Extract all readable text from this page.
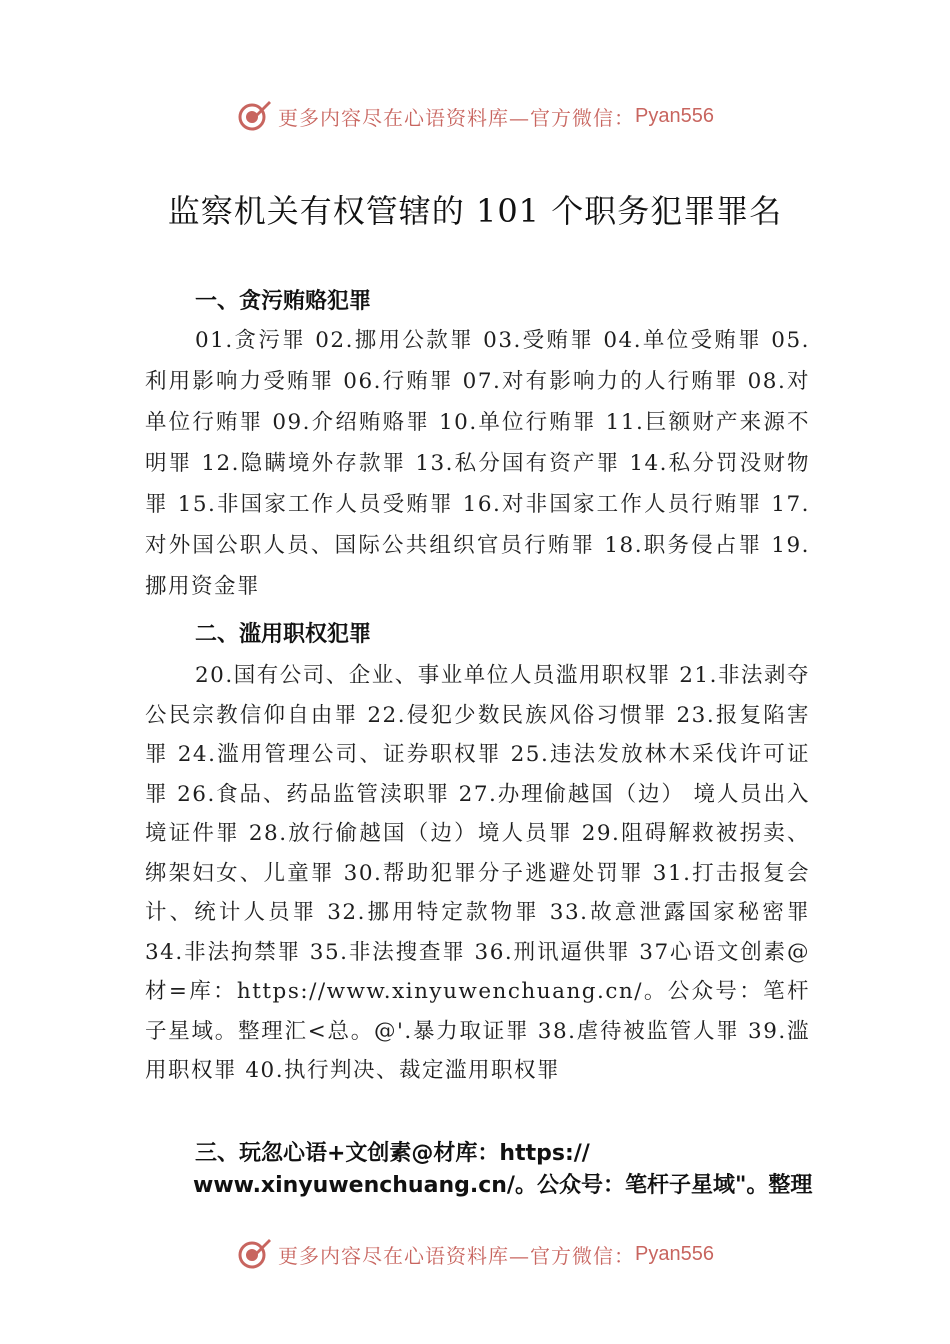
更多内容尽在心语资料库—官方微信： Pyan556
监察机关有权管辖的 101 个职务犯罪罪名
一、贪污贿赂犯罪
01.贪污罪 02.挪用公款罪 03.受贿罪 04.单位受贿罪 05.利用影响力受贿罪 06.行贿罪 07.对有影响力的人行贿罪 08.对单位行贿罪 09.介绍贿赂罪 10.单位行贿罪 11.巨额财产来源不明罪 12.隐瞒境外存款罪 13.私分国有资产罪 14.私分罚没财物罪 15.非国家工作人员受贿罪 16.对非国家工作人员行贿罪 17.对外国公职人员、国际公共组织官员行贿罪 18.职务侵占罪 19.挪用资金罪
二、滥用职权犯罪
20.国有公司、企业、事业单位人员滥用职权罪 21.非法剥夺公民宗教信仰自由罪 22.侵犯少数民族风俗习惯罪 23.报复陷害罪 24.滥用管理公司、证券职权罪 25.违法发放林木采伐许可证罪 26.食品、药品监管渎职罪 27.办理偷越国（边） 境人员出入境证件罪 28.放行偷越国（边）境人员罪 29.阻碍解救被拐卖、绑架妇女、儿童罪 30.帮助犯罪分子逃避处罚罪 31.打击报复会计、统计人员罪 32.挪用特定款物罪 33.故意泄露国家秘密罪 34.非法拘禁罪 35.非法搜查罪 36.刑讯逼供罪 37心语文创素@材=库：https://www.xinyuwenchuang.cn/。公众号：笔杆子星域。整理汇<总。@'.暴力取证罪 38.虐待被监管人罪 39.滥用职权罪 40.执行判决、裁定滥用职权罪
三、玩忽心语+文创素@材库：https://
www.xinyuwenchuang.cn/。公众号：笔杆子星域"。整理
更多内容尽在心语资料库—官方微信： Pyan556
